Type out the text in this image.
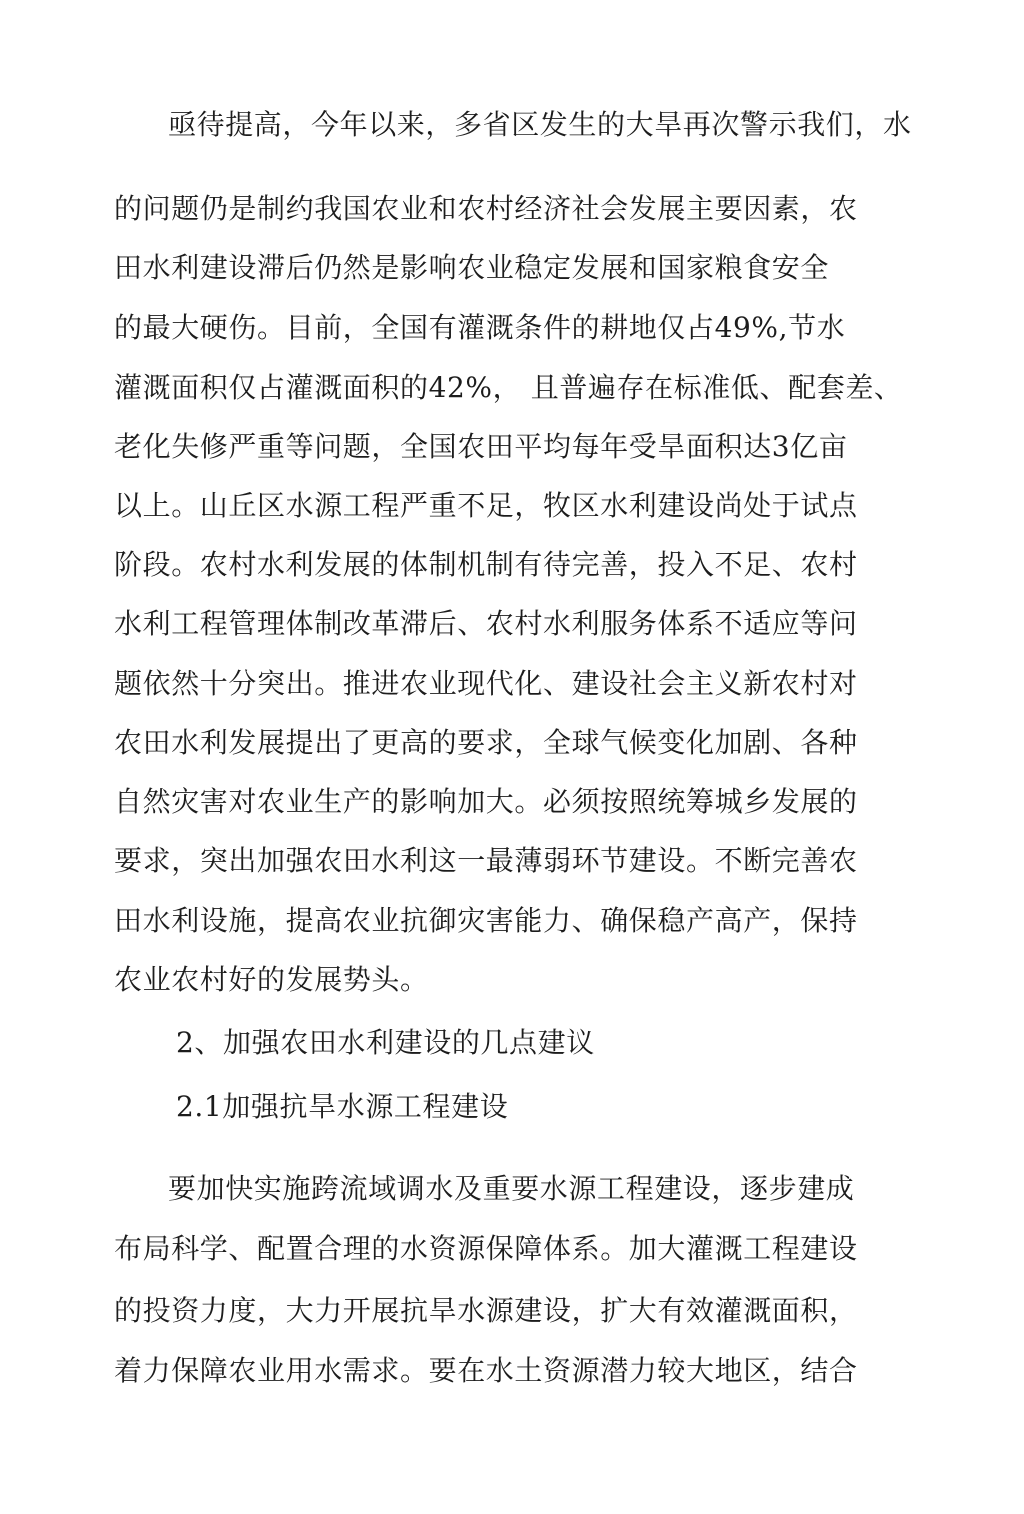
亟待提高，今年以来，多省区发生的大旱再次警示我们，水
的问题仍是制约我国农业和农村经济社会发展主要因素，农
田水利建设滞后仍然是影响农业稳定发展和国家粮食安全
的最大硬伤。目前，全国有灌溉条件的耕地仅占49%,节水
灌溉面积仅占灌溉面积的42%， 且普遍存在标准低、配套差、
老化失修严重等问题，全国农田平均每年受旱面积达3亿亩
以上。山丘区水源工程严重不足，牧区水利建设尚处于试点
阶段。农村水利发展的体制机制有待完善，投入不足、农村
水利工程管理体制改革滞后、农村水利服务体系不适应等问
题依然十分突出。推进农业现代化、建设社会主义新农村对
农田水利发展提出了更高的要求，全球气候变化加剧、各种
自然灾害对农业生产的影响加大。必须按照统筹城乡发展的
要求，突出加强农田水利这一最薄弱环节建设。不断完善农
田水利设施，提高农业抗御灾害能力、确保稳产高产，保持
农业农村好的发展势头。
2、加强农田水利建设的几点建议
2.1加强抗旱水源工程建设
要加快实施跨流域调水及重要水源工程建设，逐步建成
布局科学、配置合理的水资源保障体系。加大灌溉工程建设
的投资力度，大力开展抗旱水源建设，扩大有效灌溉面积，
着力保障农业用水需求。要在水土资源潜力较大地区，结合
